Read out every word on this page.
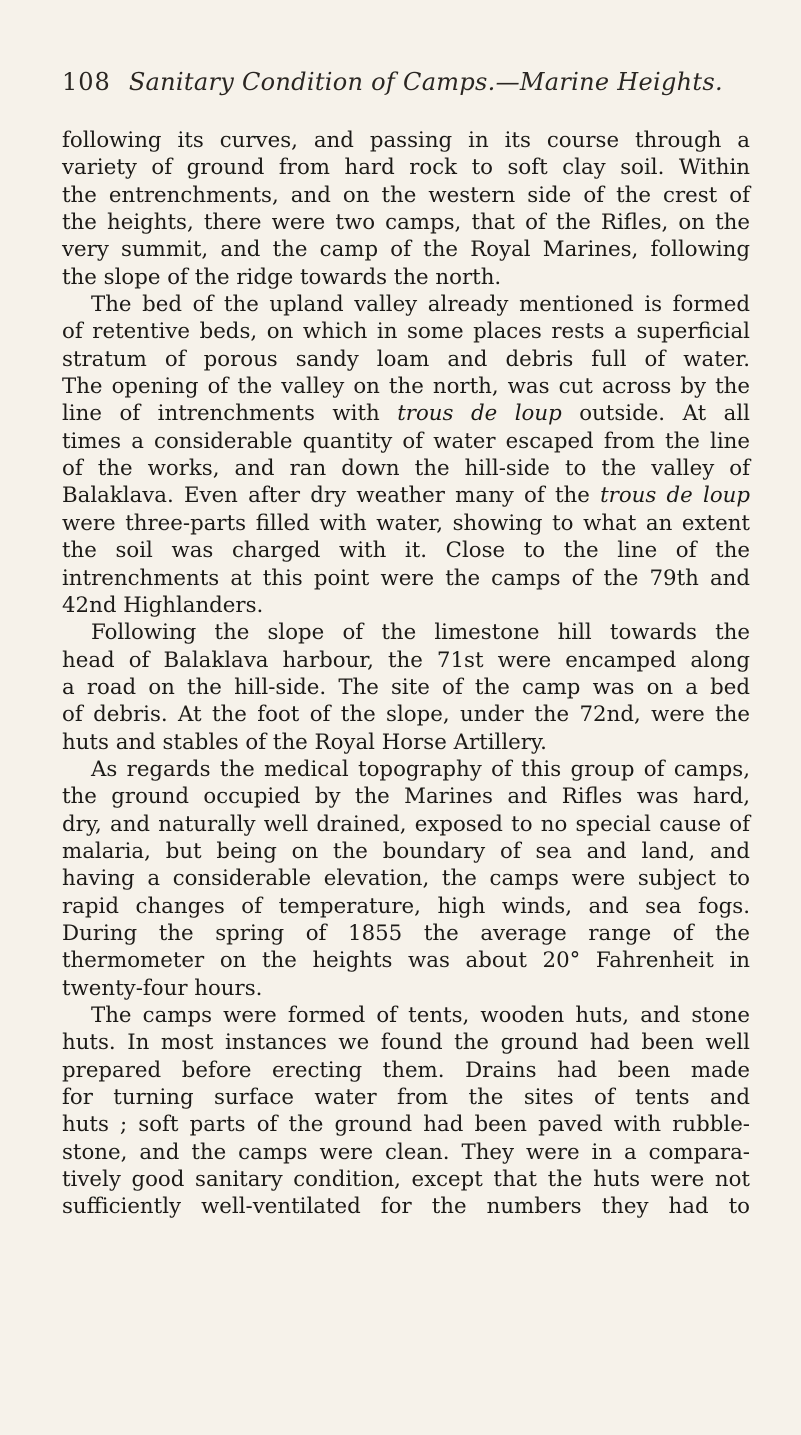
108 Sanitary Condition of Camps.—Marine Heights.
following its curves, and passing in its course through a
variety of ground from hard rock to soft clay soil. Within
the entrenchments, and on the western side of the crest of
the heights, there were two camps, that of the Rifles, on the
very summit, and the camp of the Royal Marines, following
the slope of the ridge towards the north.
The bed of the upland valley already mentioned is formed
of retentive beds, on which in some places rests a superficial
stratum of porous sandy loam and debris full of water.
The opening of the valley on the north, was cut across by the
line of intrenchments with trous de loup outside. At all
times a considerable quantity of water escaped from the line
of the works, and ran down the hill-side to the valley of
Balaklava. Even after dry weather many of the trous de loup
were three-parts filled with water, showing to what an extent
the soil was charged with it. Close to the line of the
intrenchments at this point were the camps of the 79th and
42nd Highlanders.
Following the slope of the limestone hill towards the
head of Balaklava harbour, the 71st were encamped along
a road on the hill-side. The site of the camp was on a bed
of debris. At the foot of the slope, under the 72nd, were the
huts and stables of the Royal Horse Artillery.
As regards the medical topography of this group of camps,
the ground occupied by the Marines and Rifles was hard,
dry, and naturally well drained, exposed to no special cause of
malaria, but being on the boundary of sea and land, and
having a considerable elevation, the camps were subject to
rapid changes of temperature, high winds, and sea fogs.
During the spring of 1855 the average range of the
thermometer on the heights was about 20° Fahrenheit in
twenty-four hours.
The camps were formed of tents, wooden huts, and stone
huts. In most instances we found the ground had been well
prepared before erecting them. Drains had been made
for turning surface water from the sites of tents and
huts ; soft parts of the ground had been paved with rubble-
stone, and the camps were clean. They were in a compara-
tively good sanitary condition, except that the huts were not
sufficiently well-ventilated for the numbers they had to
